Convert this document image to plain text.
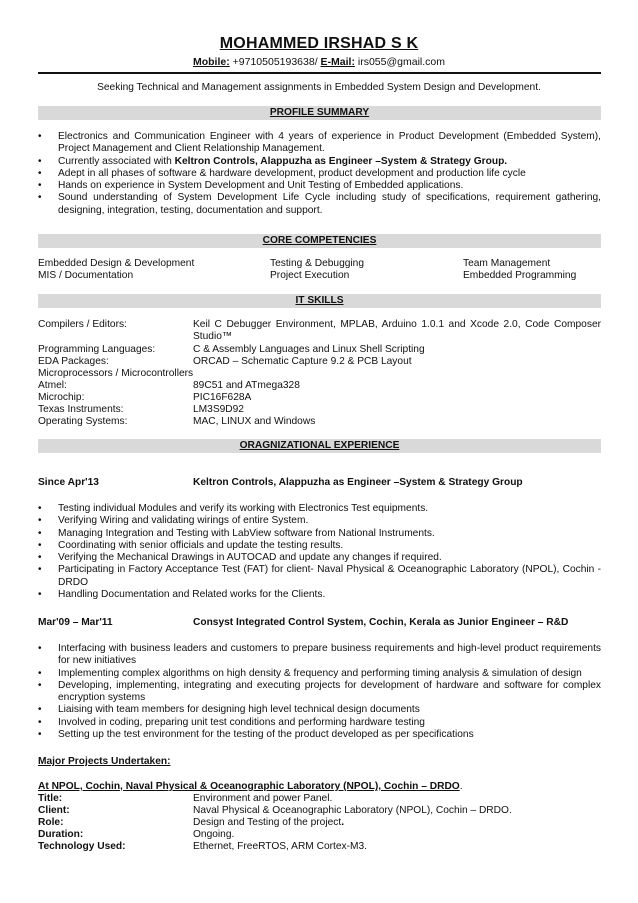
MOHAMMED IRSHAD S K
Mobile: +9710505193638/ E-Mail: irs055@gmail.com
Seeking Technical and Management assignments in Embedded System Design and Development.
PROFILE SUMMARY
• Electronics and Communication Engineer with 4 years of experience in Product Development (Embedded System), Project Management and Client Relationship Management.
• Currently associated with Keltron Controls, Alappuzha as Engineer –System & Strategy Group.
• Adept in all phases of software & hardware development, product development and production life cycle
• Hands on experience in System Development and Unit Testing of Embedded applications.
• Sound understanding of System Development Life Cycle including study of specifications, requirement gathering, designing, integration, testing, documentation and support.
CORE COMPETENCIES
Embedded Design & Development	Testing & Debugging	Team Management
MIS / Documentation	Project Execution	Embedded Programming
IT SKILLS
Compilers / Editors:	Keil C Debugger Environment, MPLAB, Arduino 1.0.1 and Xcode 2.0, Code Composer Studio™
Programming Languages:	C & Assembly Languages and Linux Shell Scripting
EDA Packages:	ORCAD – Schematic Capture 9.2 & PCB Layout
Microprocessors / Microcontrollers
Atmel:	89C51 and ATmega328
Microchip:	PIC16F628A
Texas Instruments:	LM3S9D92
Operating Systems:	MAC, LINUX and Windows
ORAGNIZATIONAL EXPERIENCE
Since Apr'13	Keltron Controls, Alappuzha as Engineer –System & Strategy Group
• Testing individual Modules and verify its working with Electronics Test equipments.
• Verifying Wiring and validating wirings of entire System.
• Managing Integration and Testing with LabView software from National Instruments.
• Coordinating with senior officials and update the testing results.
• Verifying the Mechanical Drawings in AUTOCAD and update any changes if required.
• Participating in Factory Acceptance Test (FAT) for client- Naval Physical & Oceanographic Laboratory (NPOL), Cochin - DRDO
• Handling Documentation and Related works for the Clients.
Mar'09 – Mar'11	Consyst Integrated Control System, Cochin, Kerala as Junior Engineer – R&D
• Interfacing with business leaders and customers to prepare business requirements and high-level product requirements for new initiatives
• Implementing complex algorithms on high density & frequency and performing timing analysis & simulation of design
• Developing, implementing, integrating and executing projects for development of hardware and software for complex encryption systems
• Liaising with team members for designing high level technical design documents
• Involved in coding, preparing unit test conditions and performing hardware testing
• Setting up the test environment for the testing of the product developed as per specifications
Major Projects Undertaken:
At NPOL, Cochin, Naval Physical & Oceanographic Laboratory (NPOL), Cochin – DRDO.
Title:	Environment and power Panel.
Client:	Naval Physical & Oceanographic Laboratory (NPOL), Cochin – DRDO.
Role:	Design and Testing of the project.
Duration:	Ongoing.
Technology Used:	Ethernet, FreeRTOS, ARM Cortex-M3.
